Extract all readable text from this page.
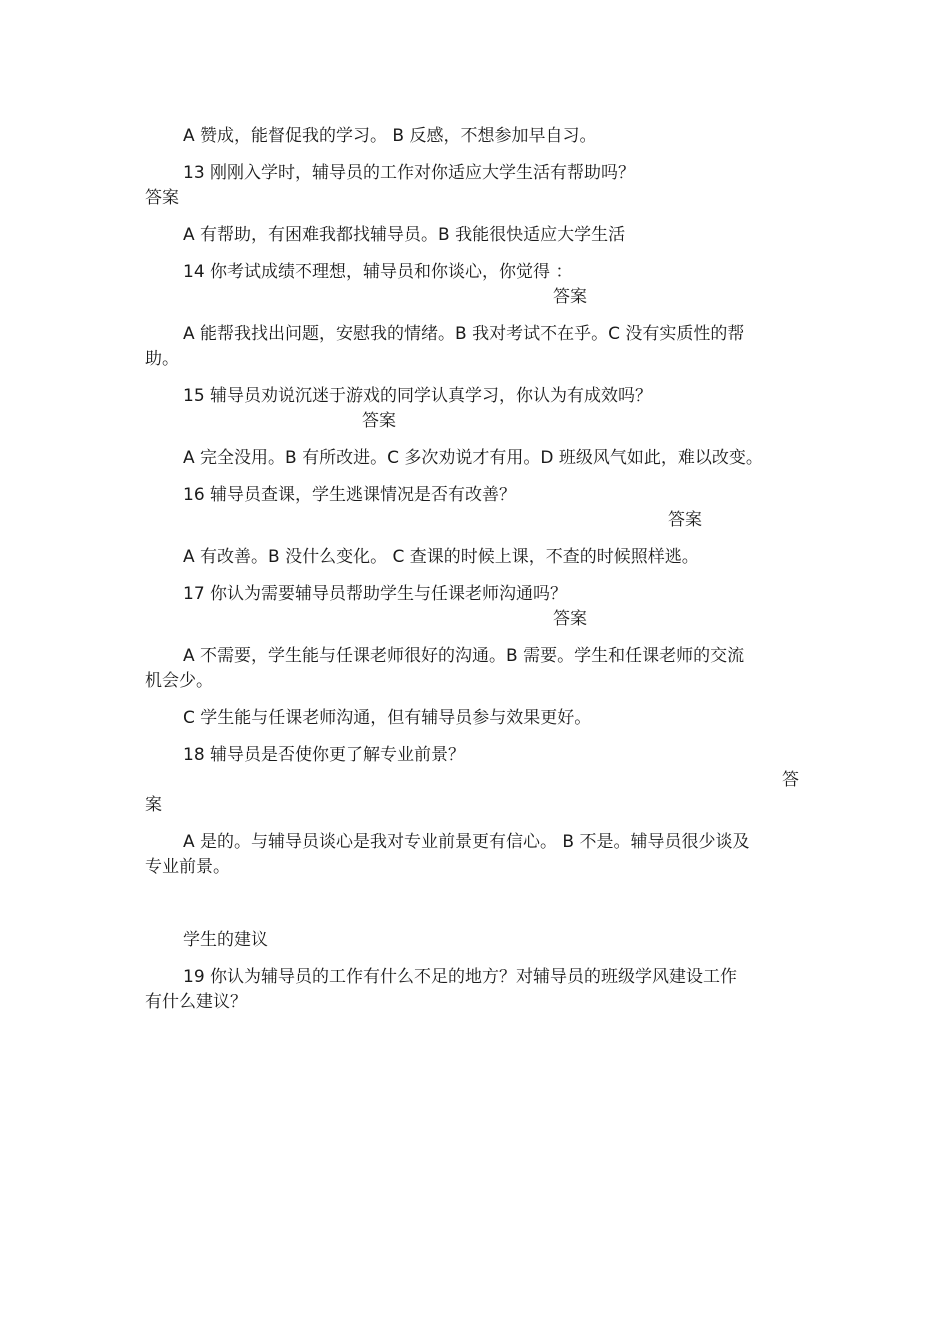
A 赞成，能督促我的学习。 B 反感，不想参加早自习。
13 刚刚入学时，辅导员的工作对你适应大学生活有帮助吗？
答案
A 有帮助，有困难我都找辅导员。B 我能很快适应大学生活
14 你考试成绩不理想，辅导员和你谈心，你觉得 ：
答案
A 能帮我找出问题，安慰我的情绪。B 我对考试不在乎。C 没有实质性的帮
助。
15 辅导员劝说沉迷于游戏的同学认真学习，你认为有成效吗？
答案
A 完全没用。B 有所改进。C 多次劝说才有用。D 班级风气如此，难以改变。
16 辅导员查课，学生逃课情况是否有改善？
答案
A 有改善。B 没什么变化。 C 查课的时候上课，不查的时候照样逃。
17 你认为需要辅导员帮助学生与任课老师沟通吗？
答案
A 不需要，学生能与任课老师很好的沟通。B 需要。学生和任课老师的交流
机会少。
C 学生能与任课老师沟通，但有辅导员参与效果更好。
18 辅导员是否使你更了解专业前景？
答
案
A 是的。与辅导员谈心是我对专业前景更有信心。 B 不是。辅导员很少谈及
专业前景。
学生的建议
19 你认为辅导员的工作有什么不足的地方？对辅导员的班级学风建设工作
有什么建议？
